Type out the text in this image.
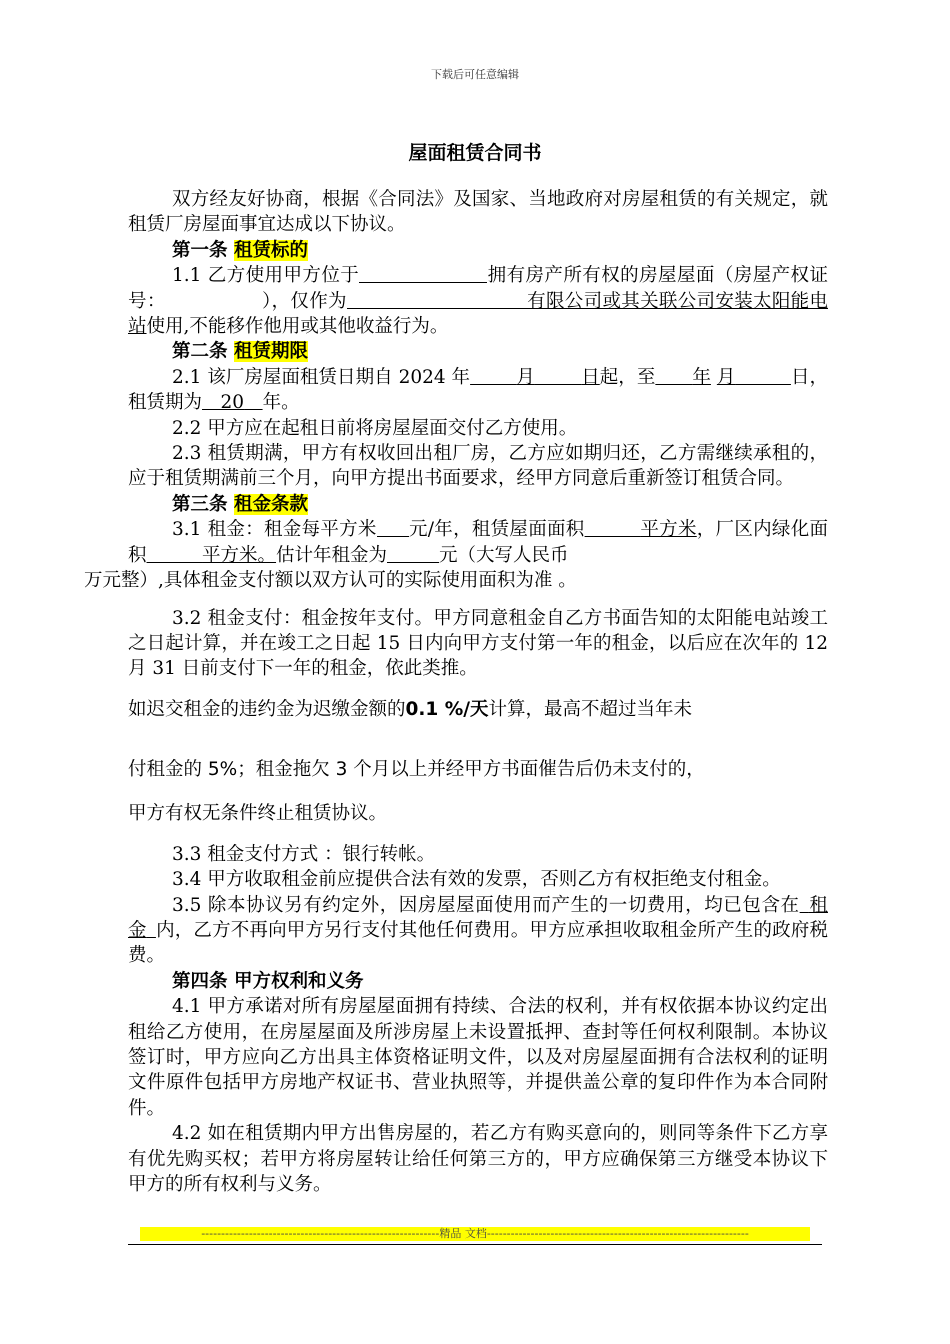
下载后可任意编辑
屋面租赁合同书

双方经友好协商，根据《合同法》及国家、当地政府对房屋租赁的有关规定，就租赁厂房屋面事宜达成以下协议。

第一条 租赁标的

1.1 乙方使用甲方位于	拥有房产所有权的房屋屋面（房屋产权证号：	），仅作为	有限公司或其关联公司安装太阳能电站使用,不能移作他用或其他收益行为。

第二条 租赁期限

2.1 该厂房屋面租赁日期自 2024 年   	月   	日起，至   年 月   	日，租赁期为   20   年。

2.2 甲方应在起租日前将房屋屋面交付乙方使用。

2.3 租赁期满，甲方有权收回出租厂房，乙方应如期归还，乙方需继续承租的，应于租赁期满前三个月，向甲方提出书面要求，经甲方同意后重新签订租赁合同。

第三条 租金条款

3.1 租金：租金每平方米 元/年，租赁屋面面积   	平方米，厂区内绿化面积   	平方米。估计年租金为	元（大写人民币
万元整）,具体租金支付额以双方认可的实际使用面积为准 。

3.2 租金支付：租金按年支付。甲方同意租金自乙方书面告知的太阳能电站竣工之日起计算，并在竣工之日起 15 日内向甲方支付第一年的租金，以后应在次年的 12 月 31 日前支付下一年的租金，依此类推。

如迟交租金的违约金为迟缴金额的0.1 %/天计算，最高不超过当年未

付租金的 5%；租金拖欠 3 个月以上并经甲方书面催告后仍未支付的，

甲方有权无条件终止租赁协议。

3.3 租金支付方式 ：银行转帐。

3.4 甲方收取租金前应提供合法有效的发票，否则乙方有权拒绝支付租金。

3.5 除本协议另有约定外，因房屋屋面使用而产生的一切费用，均已包含在  租金  内，乙方不再向甲方另行支付其他任何费用。甲方应承担收取租金所产生的政府税费。

第四条 甲方权利和义务

4.1 甲方承诺对所有房屋屋面拥有持续、合法的权利，并有权依据本协议约定出租给乙方使用，在房屋屋面及所涉房屋上未设置抵押、查封等任何权利限制。本协议签订时，甲方应向乙方出具主体资格证明文件，以及对房屋屋面拥有合法权利的证明文件原件包括甲方房地产权证书、营业执照等，并提供盖公章的复印件作为本合同附件。

4.2 如在租赁期内甲方出售房屋的，若乙方有购买意向的，则同等条件下乙方享有优先购买权；若甲方将房屋转让给任何第三方的，甲方应确保第三方继受本协议下甲方的所有权利与义务。

------------------------------------------------------------精品 文档------------------------------------------------------------------
